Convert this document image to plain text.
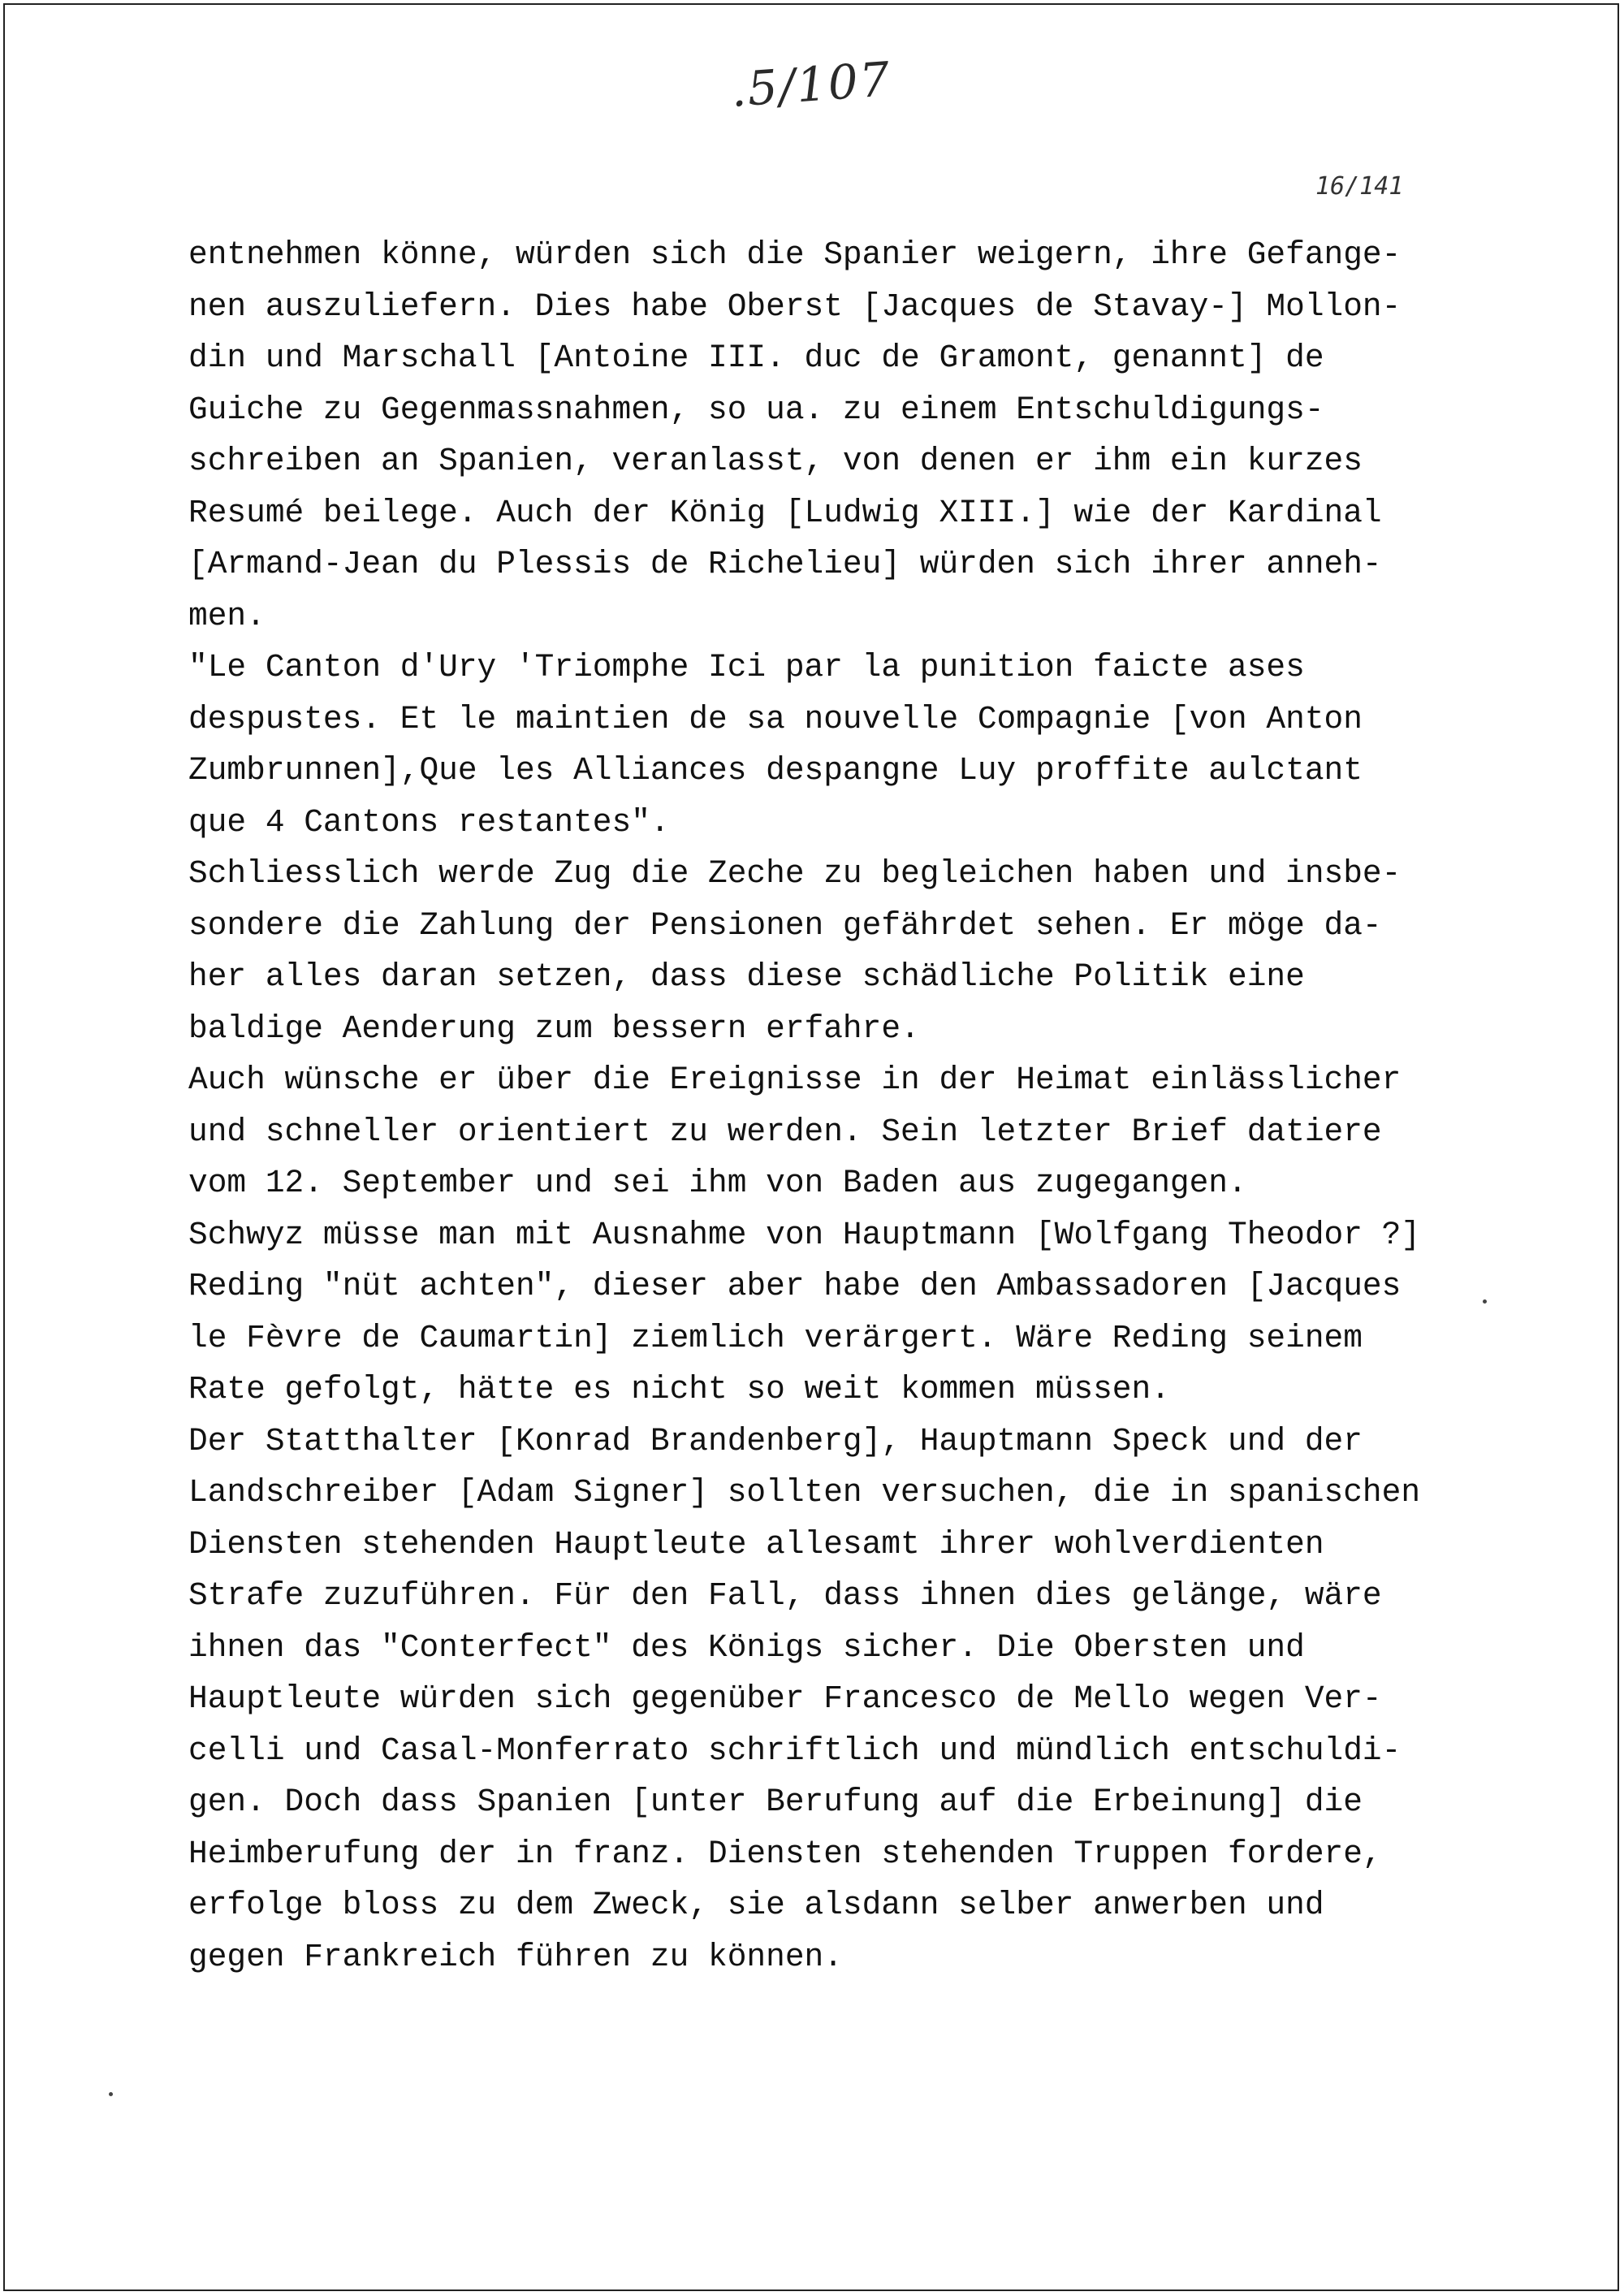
.5/107
16/141
entnehmen könne, würden sich die Spanier weigern, ihre Gefange-
nen auszuliefern. Dies habe Oberst [Jacques de Stavay-] Mollon-
din und Marschall [Antoine III. duc de Gramont, genannt] de
Guiche zu Gegenmassnahmen, so ua. zu einem Entschuldigungs-
schreiben an Spanien, veranlasst, von denen er ihm ein kurzes
Resumé beilege. Auch der König [Ludwig XIII.] wie der Kardinal
[Armand-Jean du Plessis de Richelieu] würden sich ihrer anneh-
men.
"Le Canton d'Ury 'Triomphe Ici par la punition faicte ases
despustes. Et le maintien de sa nouvelle Compagnie [von Anton
Zumbrunnen],Que les Alliances despangne Luy proffite aulctant
que 4 Cantons restantes".
Schliesslich werde Zug die Zeche zu begleichen haben und insbe-
sondere die Zahlung der Pensionen gefährdet sehen. Er möge da-
her alles daran setzen, dass diese schädliche Politik eine
baldige Aenderung zum bessern erfahre.
Auch wünsche er über die Ereignisse in der Heimat einlässlicher
und schneller orientiert zu werden. Sein letzter Brief datiere
vom 12. September und sei ihm von Baden aus zugegangen.
Schwyz müsse man mit Ausnahme von Hauptmann [Wolfgang Theodor ?]
Reding "nüt achten", dieser aber habe den Ambassadoren [Jacques
le Fèvre de Caumartin] ziemlich verärgert. Wäre Reding seinem
Rate gefolgt, hätte es nicht so weit kommen müssen.
Der Statthalter [Konrad Brandenberg], Hauptmann Speck und der
Landschreiber [Adam Signer] sollten versuchen, die in spanischen
Diensten stehenden Hauptleute allesamt ihrer wohlverdienten
Strafe zuzuführen. Für den Fall, dass ihnen dies gelänge, wäre
ihnen das "Conterfect" des Königs sicher. Die Obersten und
Hauptleute würden sich gegenüber Francesco de Mello wegen Ver-
celli und Casal-Monferrato schriftlich und mündlich entschuldi-
gen. Doch dass Spanien [unter Berufung auf die Erbeinung] die
Heimberufung der in franz. Diensten stehenden Truppen fordere,
erfolge bloss zu dem Zweck, sie alsdann selber anwerben und
gegen Frankreich führen zu können.
